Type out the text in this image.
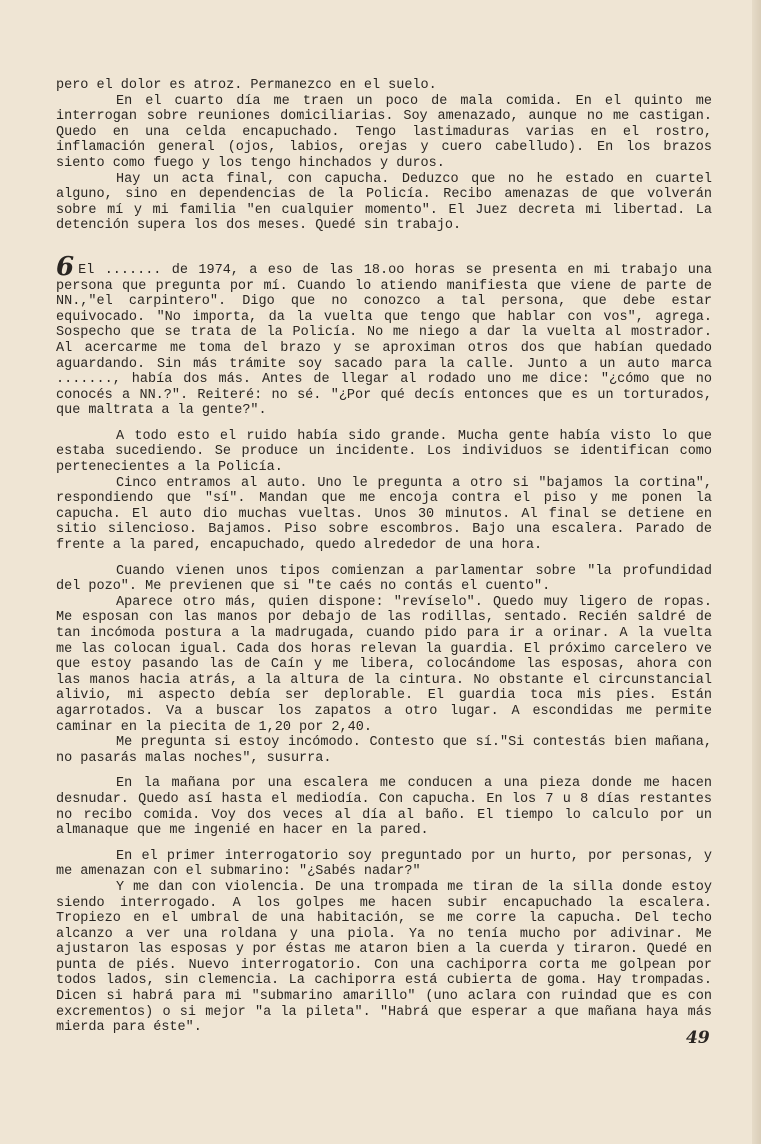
pero el dolor es atroz. Permanezco en el suelo.

En el cuarto día me traen un poco de mala comida. En el quinto me interrogan sobre reuniones domiciliarias. Soy amenazado, aunque no me castigan. Quedo en una celda encapuchado. Tengo lastimaduras varias en el rostro, inflamación general (ojos, labios, orejas y cuero cabelludo). En los brazos siento como fuego y los tengo hinchados y duros.

Hay un acta final, con capucha. Deduzco que no he estado en cuartel alguno, sino en dependencias de la Policía. Recibo amenazas de que volverán sobre mí y mi familia "en cualquier momento". El Juez decreta mi libertad. La detención supera los dos meses. Quedé sin trabajo.

6 El ....... de 1974, a eso de las 18.oo horas se presenta en mi trabajo una persona que pregunta por mí. Cuando lo atiendo manifiesta que viene de parte de NN.,"el carpintero". Digo que no conozco a tal persona, que debe estar equivocado. "No importa, da la vuelta que tengo que hablar con vos", agrega. Sospecho que se trata de la Policía. No me niego a dar la vuelta al mostrador. Al acercarme me toma del brazo y se aproximan otros dos que habían quedado aguardando. Sin más trámite soy sacado para la calle. Junto a un auto marca ......., había dos más. Antes de llegar al rodado uno me dice: "¿cómo que no conocés a NN.?". Reiteré: no sé. "¿Por qué decís entonces que es un torturados, que maltrata a la gente?".

A todo esto el ruido había sido grande. Mucha gente había visto lo que estaba sucediendo. Se produce un incidente. Los individuos se identifican como pertenecientes a la Policía.

Cinco entramos al auto. Uno le pregunta a otro si "bajamos la cortina", respondiendo que "sí". Mandan que me encoja contra el piso y me ponen la capucha. El auto dio muchas vueltas. Unos 30 minutos. Al final se detiene en sitio silencioso. Bajamos. Piso sobre escombros. Bajo una escalera. Parado de frente a la pared, encapuchado, quedo alrededor de una hora.

Cuando vienen unos tipos comienzan a parlamentar sobre "la profundidad del pozo". Me previenen que si "te caés no contás el cuento".

Aparece otro más, quien dispone: "revíselo". Quedo muy ligero de ropas. Me esposan con las manos por debajo de las rodillas, sentado. Recién saldré de tan incómoda postura a la madrugada, cuando pido para ir a orinar. A la vuelta me las colocan igual. Cada dos horas relevan la guardia. El próximo carcelero ve que estoy pasando las de Caín y me libera, colocándome las esposas, ahora con las manos hacia atrás, a la altura de la cintura. No obstante el circunstancial alivio, mi aspecto debía ser deplorable. El guardia toca mis pies. Están agarrotados. Va a buscar los zapatos a otro lugar. A escondidas me permite caminar en la piecita de 1,20 por 2,40.

Me pregunta si estoy incómodo. Contesto que sí."Si contestás bien mañana, no pasarás malas noches", susurra.

En la mañana por una escalera me conducen a una pieza donde me hacen desnudar. Quedo así hasta el mediodía. Con capucha. En los 7 u 8 días restantes no recibo comida. Voy dos veces al día al baño. El tiempo lo calculo por un almanaque que me ingenié en hacer en la pared.

En el primer interrogatorio soy preguntado por un hurto, por personas, y me amenazan con el submarino: "¿Sabés nadar?"

Y me dan con violencia. De una trompada me tiran de la silla donde estoy siendo interrogado. A los golpes me hacen subir encapuchado la escalera. Tropiezo en el umbral de una habitación, se me corre la capucha. Del techo alcanzo a ver una roldana y una piola. Ya no tenía mucho por adivinar. Me ajustaron las esposas y por éstas me ataron bien a la cuerda y tiraron. Quedé en punta de piés. Nuevo interrogatorio. Con una cachiporra corta me golpean por todos lados, sin clemencia. La cachiporra está cubierta de goma. Hay trompadas. Dicen si habrá para mi "submarino amarillo" (uno aclara con ruindad que es con excrementos) o si mejor "a la pileta". "Habrá que esperar a que mañana haya más mierda para éste".

49
